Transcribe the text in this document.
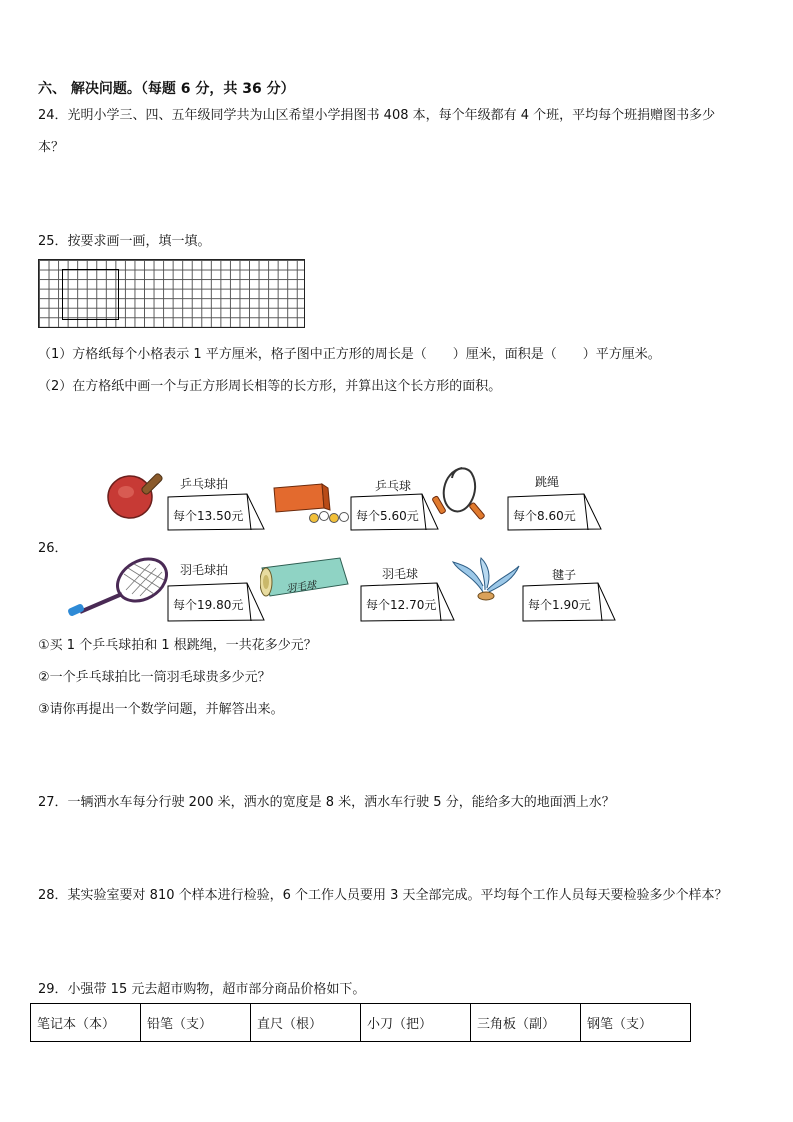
六、 解决问题。（每题 6 分，共 36 分）
24．光明小学三、四、五年级同学共为山区希望小学捐图书 408 本，每个年级都有 4 个班，平均每个班捐赠图书多少
本？
25．按要求画一画，填一填。
（1）方格纸每个小格表示 1 平方厘米，格子图中正方形的周长是（　　）厘米，面积是（　　）平方厘米。
（2）在方格纸中画一个与正方形周长相等的长方形，并算出这个长方形的面积。
乒乓球拍
每个13.50元
乒乓球
每个5.60元
跳绳
每个8.60元
26．
羽毛球
羽毛球拍
每个19.80元
羽毛球
每个12.70元
毽子
每个1.90元
①买 1 个乒乓球拍和 1 根跳绳，一共花多少元？
②一个乒乓球拍比一筒羽毛球贵多少元？
③请你再提出一个数学问题，并解答出来。
27．一辆洒水车每分行驶 200 米，洒水的宽度是 8 米，洒水车行驶 5 分，能给多大的地面洒上水？
28．某实验室要对 810 个样本进行检验，6 个工作人员要用 3 天全部完成。平均每个工作人员每天要检验多少个样本？
29．小强带 15 元去超市购物，超市部分商品价格如下。
笔记本（本）	铅笔（支）	直尺（根）	小刀（把）	三角板（副）	钢笔（支）
